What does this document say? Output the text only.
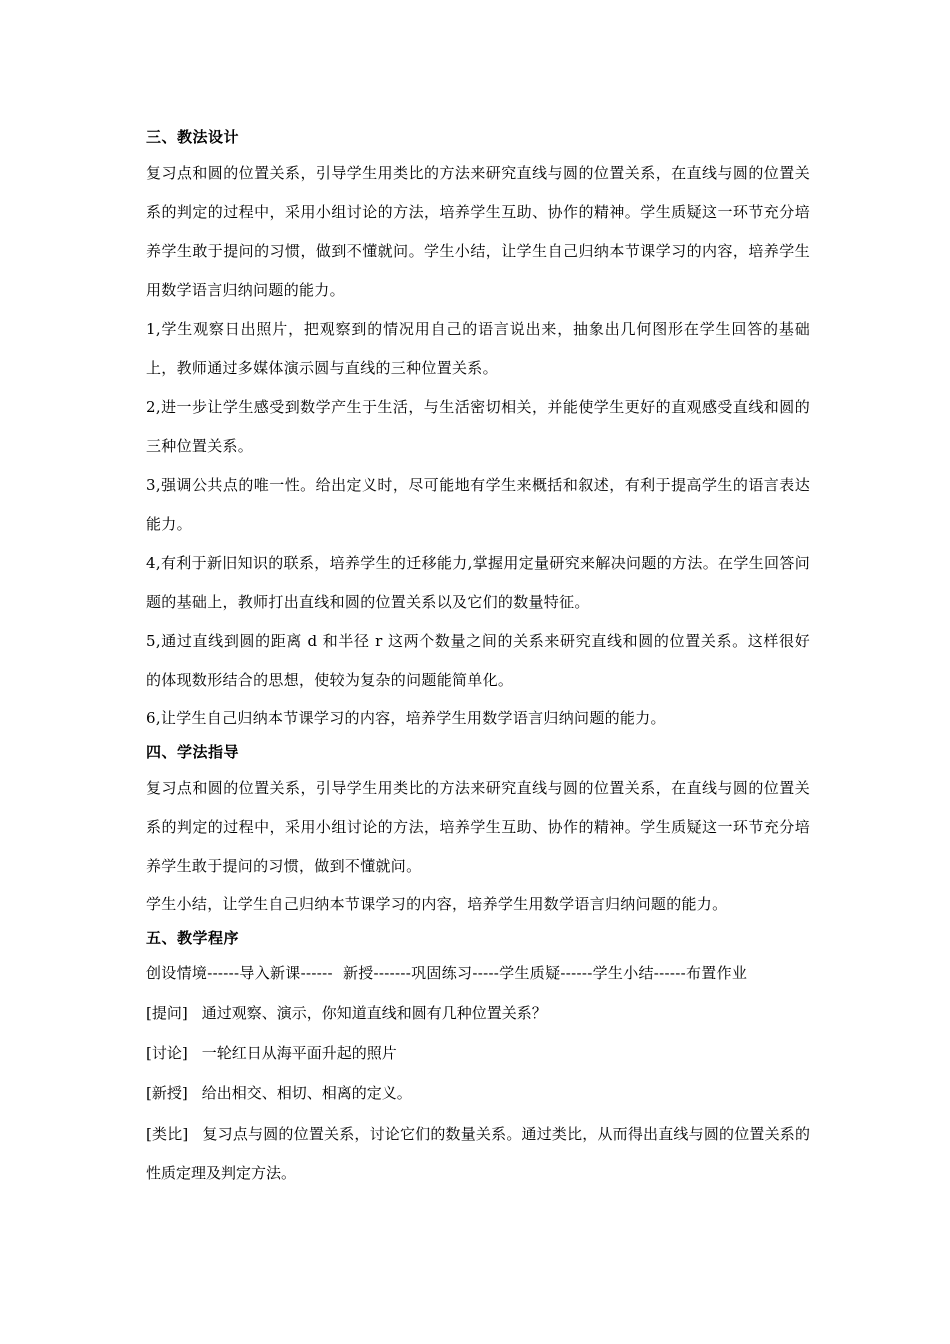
三、教法设计

复习点和圆的位置关系，引导学生用类比的方法来研究直线与圆的位置关系，在直线与圆的位置关系的判定的过程中，采用小组讨论的方法，培养学生互助、协作的精神。学生质疑这一环节充分培养学生敢于提问的习惯，做到不懂就问。学生小结，让学生自己归纳本节课学习的内容，培养学生用数学语言归纳问题的能力。

1,学生观察日出照片，把观察到的情况用自己的语言说出来，抽象出几何图形在学生回答的基础上，教师通过多媒体演示圆与直线的三种位置关系。

2,进一步让学生感受到数学产生于生活，与生活密切相关，并能使学生更好的直观感受直线和圆的三种位置关系。

3,强调公共点的唯一性。给出定义时，尽可能地有学生来概括和叙述，有利于提高学生的语言表达能力。

4,有利于新旧知识的联系，培养学生的迁移能力,掌握用定量研究来解决问题的方法。在学生回答问题的基础上，教师打出直线和圆的位置关系以及它们的数量特征。

5,通过直线到圆的距离 d 和半径 r 这两个数量之间的关系来研究直线和圆的位置关系。这样很好的体现数形结合的思想，使较为复杂的问题能简单化。

6,让学生自己归纳本节课学习的内容，培养学生用数学语言归纳问题的能力。

四、学法指导

复习点和圆的位置关系，引导学生用类比的方法来研究直线与圆的位置关系，在直线与圆的位置关系的判定的过程中，采用小组讨论的方法，培养学生互助、协作的精神。学生质疑这一环节充分培养学生敢于提问的习惯，做到不懂就问。

学生小结，让学生自己归纳本节课学习的内容，培养学生用数学语言归纳问题的能力。

五、教学程序

创设情境------导入新课------  新授-------巩固练习-----学生质疑------学生小结------布置作业

[提问] 通过观察、演示，你知道直线和圆有几种位置关系？

[讨论] 一轮红日从海平面升起的照片

[新授] 给出相交、相切、相离的定义。

[类比] 复习点与圆的位置关系，讨论它们的数量关系。通过类比，从而得出直线与圆的位置关系的性质定理及判定方法。
